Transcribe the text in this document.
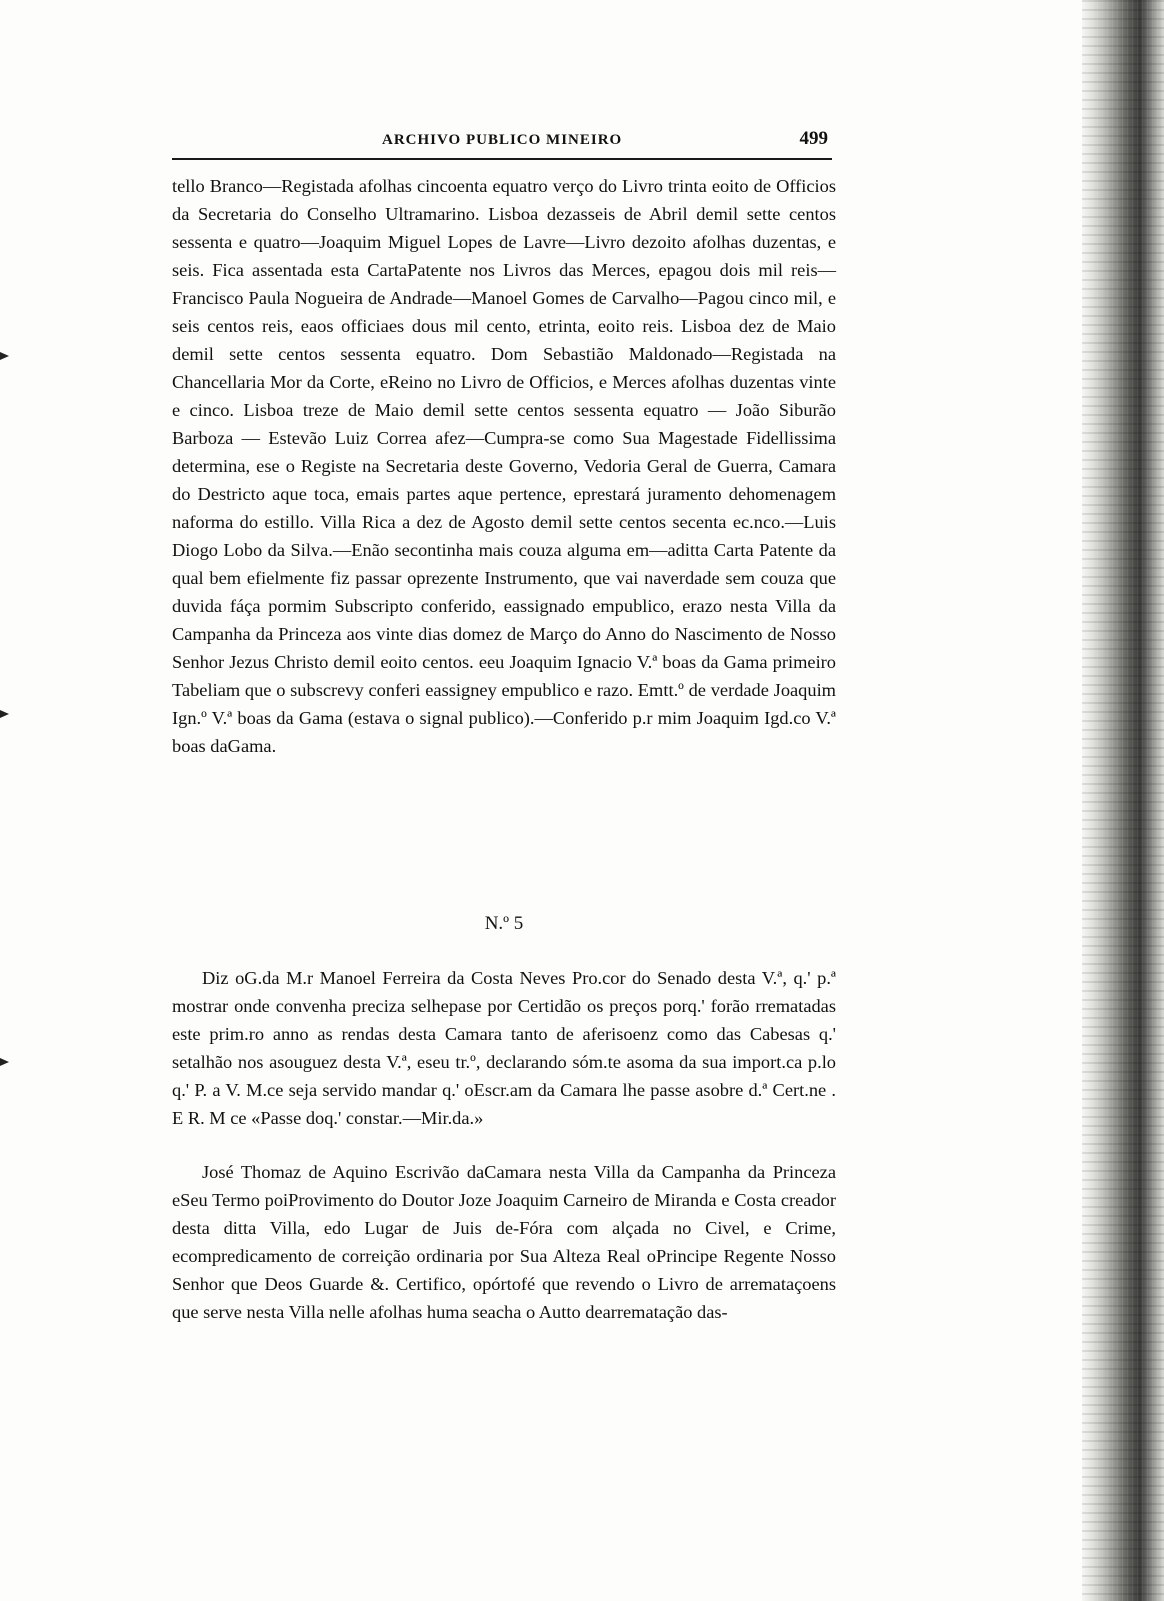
ARCHIVO PUBLICO MINEIRO	499

tello Branco—Registada afolhas cincoenta equatro verço do Livro trinta eoito de Officios da Secretaria do Conselho Ultramarino. Lisboa dezasseis de Abril demil sette centos sessenta e quatro—Joaquim Miguel Lopes de Lavre—Livro dezoito afolhas duzentas, e seis. Fica assentada esta CartaPatente nos Livros das Merces, epagou dois mil reis—Francisco Paula Nogueira de Andrade—Manoel Gomes de Carvalho—Pagou cinco mil, e seis centos reis, eaos officiaes dous mil cento, etrinta, eoito reis. Lisboa dez de Maio demil sette centos sessenta equatro. Dom Sebastião Maldonado—Registada na Chancellaria Mor da Corte, eReino no Livro de Officios, e Merces afolhas duzentas vinte e cinco. Lisboa treze de Maio demil sette centos sessenta equatro — João Siburão Barboza — Estevão Luiz Correa afez—Cumpra-se como Sua Magestade Fidellissima determina, ese o Registe na Secretaria deste Governo, Vedoria Geral de Guerra, Camara do Destricto aque toca, emais partes aque pertence, eprestará juramento dehomenagem naforma do estillo. Villa Rica a dez de Agosto demil sette centos secenta ec.nco.—Luis Diogo Lobo da Silva.—Enão secontinha mais couza alguma em—aditta Carta Patente da qual bem efielmente fiz passar oprezente Instrumento, que vai naverdade sem couza que duvida fáça pormim Subscripto conferido, eassignado empublico, erazo nesta Villa da Campanha da Princeza aos vinte dias domez de Março do Anno do Nascimento de Nosso Senhor Jezus Christo demil eoito centos. eeu Joaquim Ignacio V.ª boas da Gama primeiro Tabeliam que o subscrevy conferi eassigney empublico e razo. Emtt.º de verdade Joaquim Ign.º V.ª boas da Gama (estava o signal publico).—Conferido p.r mim Joaquim Igd.co V.ª boas daGama.

N.º 5

Diz oG.da M.r Manoel Ferreira da Costa Neves Pro.cor do Senado desta V.ª, q.' p.ª mostrar onde convenha preciza selhepase por Certidão os preços porq.' forão rrematadas este prim.ro anno as rendas desta Camara tanto de aferisoenz como das Cabesas q.' setalhão nos asouguez desta V.ª, eseu tr.º, declarando sóm.te asoma da sua import.ca p.lo q.' P. a V. M.ce seja servido mandar q.' oEscr.am da Camara lhe passe asobre d.ª Cert.ne . E R. M ce «Passe doq.' constar.—Mir.da.»

José Thomaz de Aquino Escrivão daCamara nesta Villa da Campanha da Princeza eSeu Termo poiProvimento do Doutor Joze Joaquim Carneiro de Miranda e Costa creador desta ditta Villa, edo Lugar de Juis de-Fóra com alçada no Civel, e Crime, ecompredicamento de correição ordinaria por Sua Alteza Real oPrincipe Regente Nosso Senhor que Deos Guarde &. Certifico, opórtofé que revendo o Livro de arremataçoens que serve nesta Villa nelle afolhas huma seacha o Autto dearrematação das-
